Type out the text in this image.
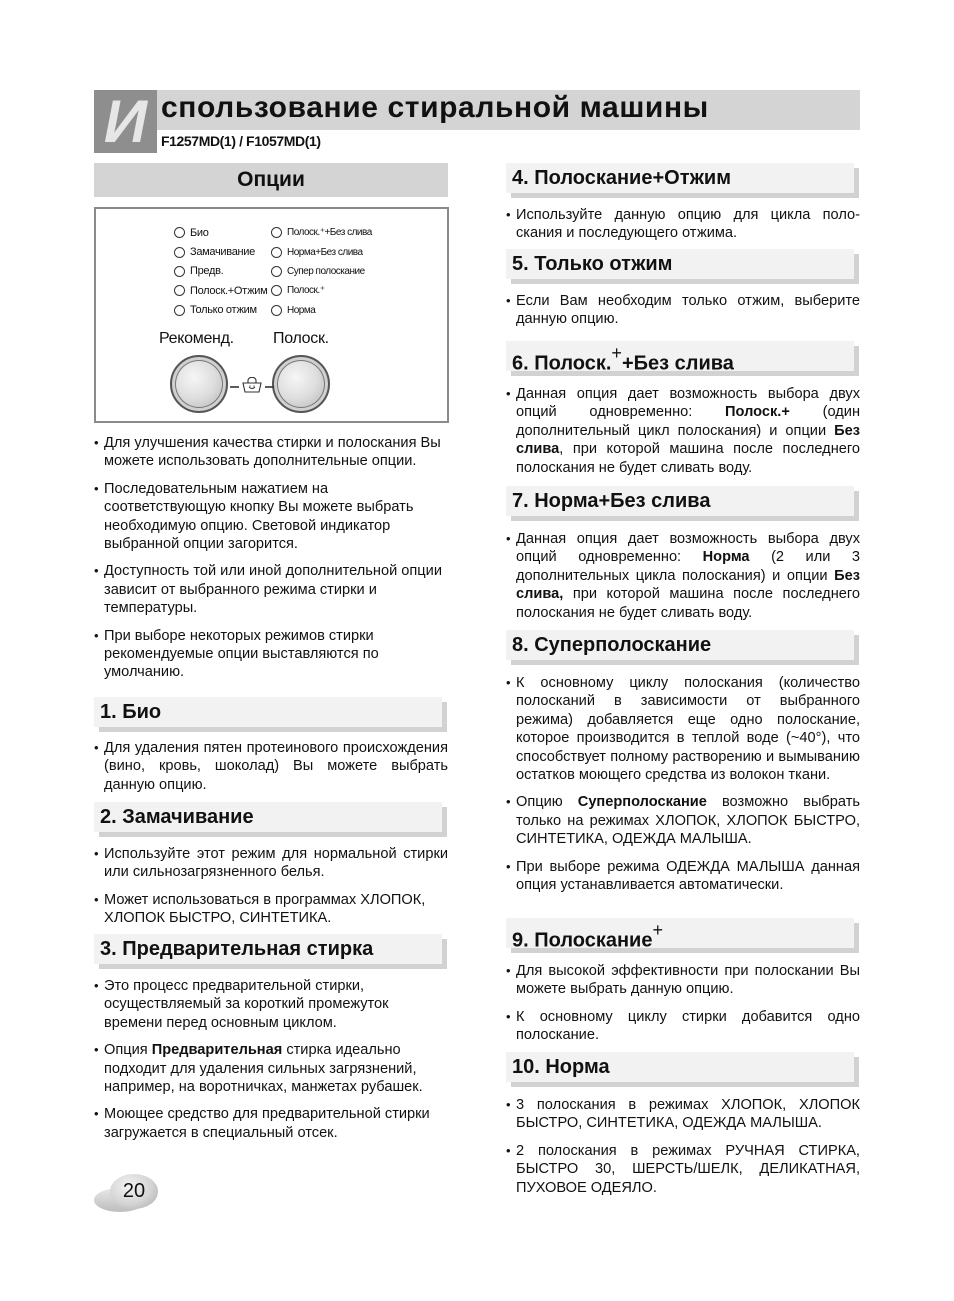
И спользование стиральной машины
F1257MD(1) / F1057MD(1)
Опции
Био
Замачивание
Предв.
Полоск.+Отжим
Только отжим
Полоск.⁺+Без слива
Норма+Без слива
Супер полоскание
Полоск.⁺
Норма
Рекоменд. Полоск.
• Для улучшения качества стирки и полоскания Вы можете использовать дополнительные опции.
• Последовательным нажатием на соответствующую кнопку Вы можете выбрать необходимую опцию. Световой индикатор выбранной опции загорится.
• Доступность той или иной дополнительной опции зависит от выбранного режима стирки и температуры.
• При выборе некоторых режимов стирки рекомендуемые опции выставляются по умолчанию.
1. Био
• Для удаления пятен протеинового происхождения (вино, кровь, шоколад) Вы можете выбрать данную опцию.
2. Замачивание
• Используйте этот режим для нормальной стирки или сильнозагрязненного белья.
• Может использоваться в программах ХЛОПОК, ХЛОПОК БЫСТРО, СИНТЕТИКА.
3. Предварительная стирка
• Это процесс предварительной стирки, осуществляемый за короткий промежуток времени перед основным циклом.
• Опция Предварительная стирка идеально подходит для удаления сильных загрязнений, например, на воротничках, манжетах рубашек.
• Моющее средство для предварительной стирки загружается в специальный отсек.
4. Полоскание+Отжим
• Используйте данную опцию для цикла полоскания и последующего отжима.
5. Только отжим
• Если Вам необходим только отжим, выберите данную опцию.
6. Полоск.++Без слива
• Данная опция дает возможность выбора двух опций одновременно: Полоск.+ (один дополнительный цикл полоскания) и опции Без слива, при которой машина после последнего полоскания не будет сливать воду.
7. Норма+Без слива
• Данная опция дает возможность выбора двух опций одновременно: Норма (2 или 3 дополнительных цикла полоскания) и опции Без слива, при которой машина после последнего полоскания не будет сливать воду.
8. Суперполоскание
• К основному циклу полоскания (количество полосканий в зависимости от выбранного режима) добавляется еще одно полоскание, которое производится в теплой воде (~40°), что способствует полному растворению и вымыванию остатков моющего средства из волокон ткани.
• Опцию Суперполоскание возможно выбрать только на режимах ХЛОПОК, ХЛОПОК БЫСТРО, СИНТЕТИКА, ОДЕЖДА МАЛЫША.
• При выборе режима ОДЕЖДА МАЛЫША данная опция устанавливается автоматически.
9. Полоскание+
• Для высокой эффективности при полоскании Вы можете выбрать данную опцию.
• К основному циклу стирки добавится одно полоскание.
10. Норма
• 3 полоскания в режимах ХЛОПОК, ХЛОПОК БЫСТРО, СИНТЕТИКА, ОДЕЖДА МАЛЫША.
• 2 полоскания в режимах РУЧНАЯ СТИРКА, БЫСТРО 30, ШЕРСТЬ/ШЕЛК, ДЕЛИКАТНАЯ, ПУХОВОЕ ОДЕЯЛО.
20
